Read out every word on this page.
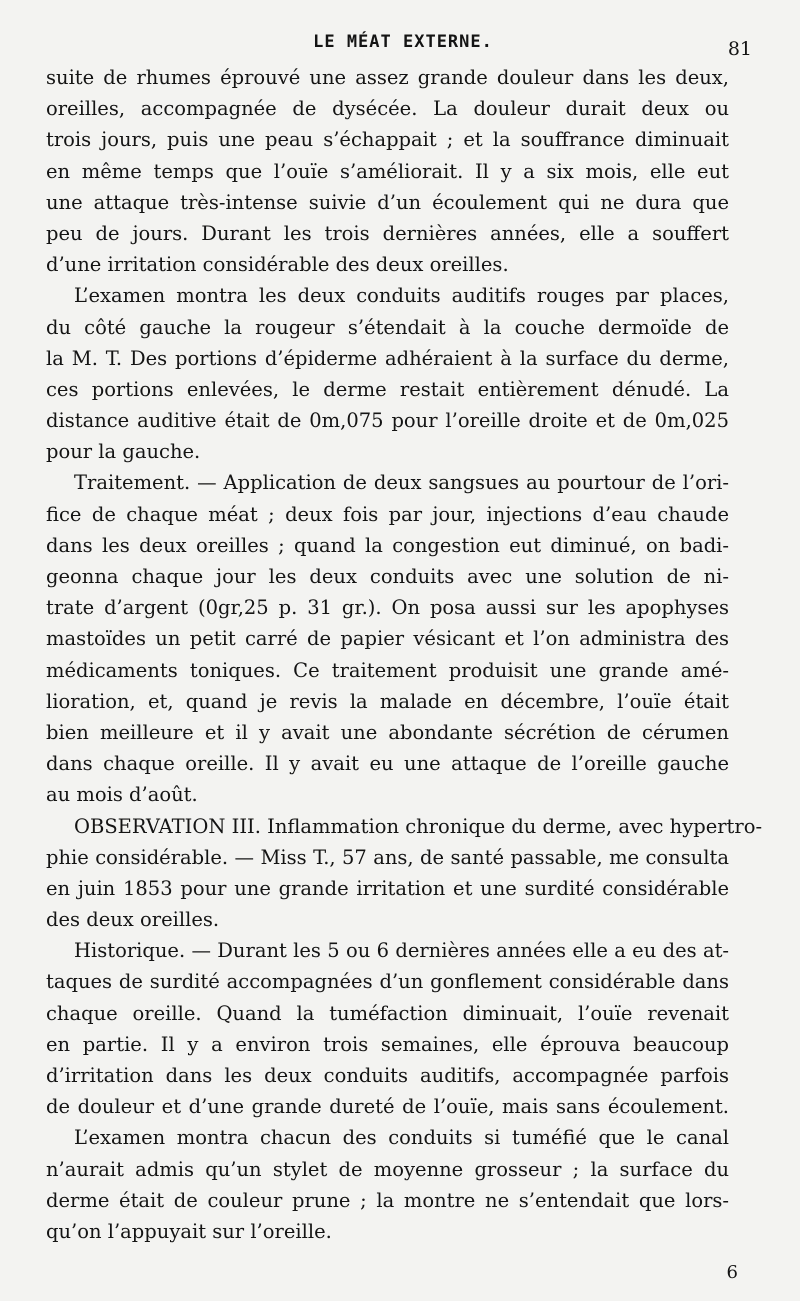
LE MÉAT EXTERNE.	81
suite de rhumes éprouvé une assez grande douleur dans les deux,
oreilles, accompagnée de dysécée. La douleur durait deux ou
trois jours, puis une peau s’échappait ; et la souffrance diminuait
en même temps que l’ouïe s’améliorait. Il y a six mois, elle eut
une attaque très-intense suivie d’un écoulement qui ne dura que
peu de jours. Durant les trois dernières années, elle a souffert
d’une irritation considérable des deux oreilles.
L’examen montra les deux conduits auditifs rouges par places,
du côté gauche la rougeur s’étendait à la couche dermoïde de
la M. T. Des portions d’épiderme adhéraient à la surface du derme,
ces portions enlevées, le derme restait entièrement dénudé. La
distance auditive était de 0m,075 pour l’oreille droite et de 0m,025
pour la gauche.
Traitement. — Application de deux sangsues au pourtour de l’ori-
fice de chaque méat ; deux fois par jour, injections d’eau chaude
dans les deux oreilles ; quand la congestion eut diminué, on badi-
geonna chaque jour les deux conduits avec une solution de ni-
trate d’argent (0gr,25 p. 31 gr.). On posa aussi sur les apophyses
mastoïdes un petit carré de papier vésicant et l’on administra des
médicaments toniques. Ce traitement produisit une grande amé-
lioration, et, quand je revis la malade en décembre, l’ouïe était
bien meilleure et il y avait une abondante sécrétion de cérumen
dans chaque oreille. Il y avait eu une attaque de l’oreille gauche
au mois d’août.
OBSERVATION III. Inflammation chronique du derme, avec hypertro-
phie considérable. — Miss T., 57 ans, de santé passable, me consulta
en juin 1853 pour une grande irritation et une surdité considérable
des deux oreilles.
Historique. — Durant les 5 ou 6 dernières années elle a eu des at-
taques de surdité accompagnées d’un gonflement considérable dans
chaque oreille. Quand la tuméfaction diminuait, l’ouïe revenait
en partie. Il y a environ trois semaines, elle éprouva beaucoup
d’irritation dans les deux conduits auditifs, accompagnée parfois
de douleur et d’une grande dureté de l’ouïe, mais sans écoulement.
L’examen montra chacun des conduits si tuméfié que le canal
n’aurait admis qu’un stylet de moyenne grosseur ; la surface du
derme était de couleur prune ; la montre ne s’entendait que lors-
qu’on l’appuyait sur l’oreille.
6
